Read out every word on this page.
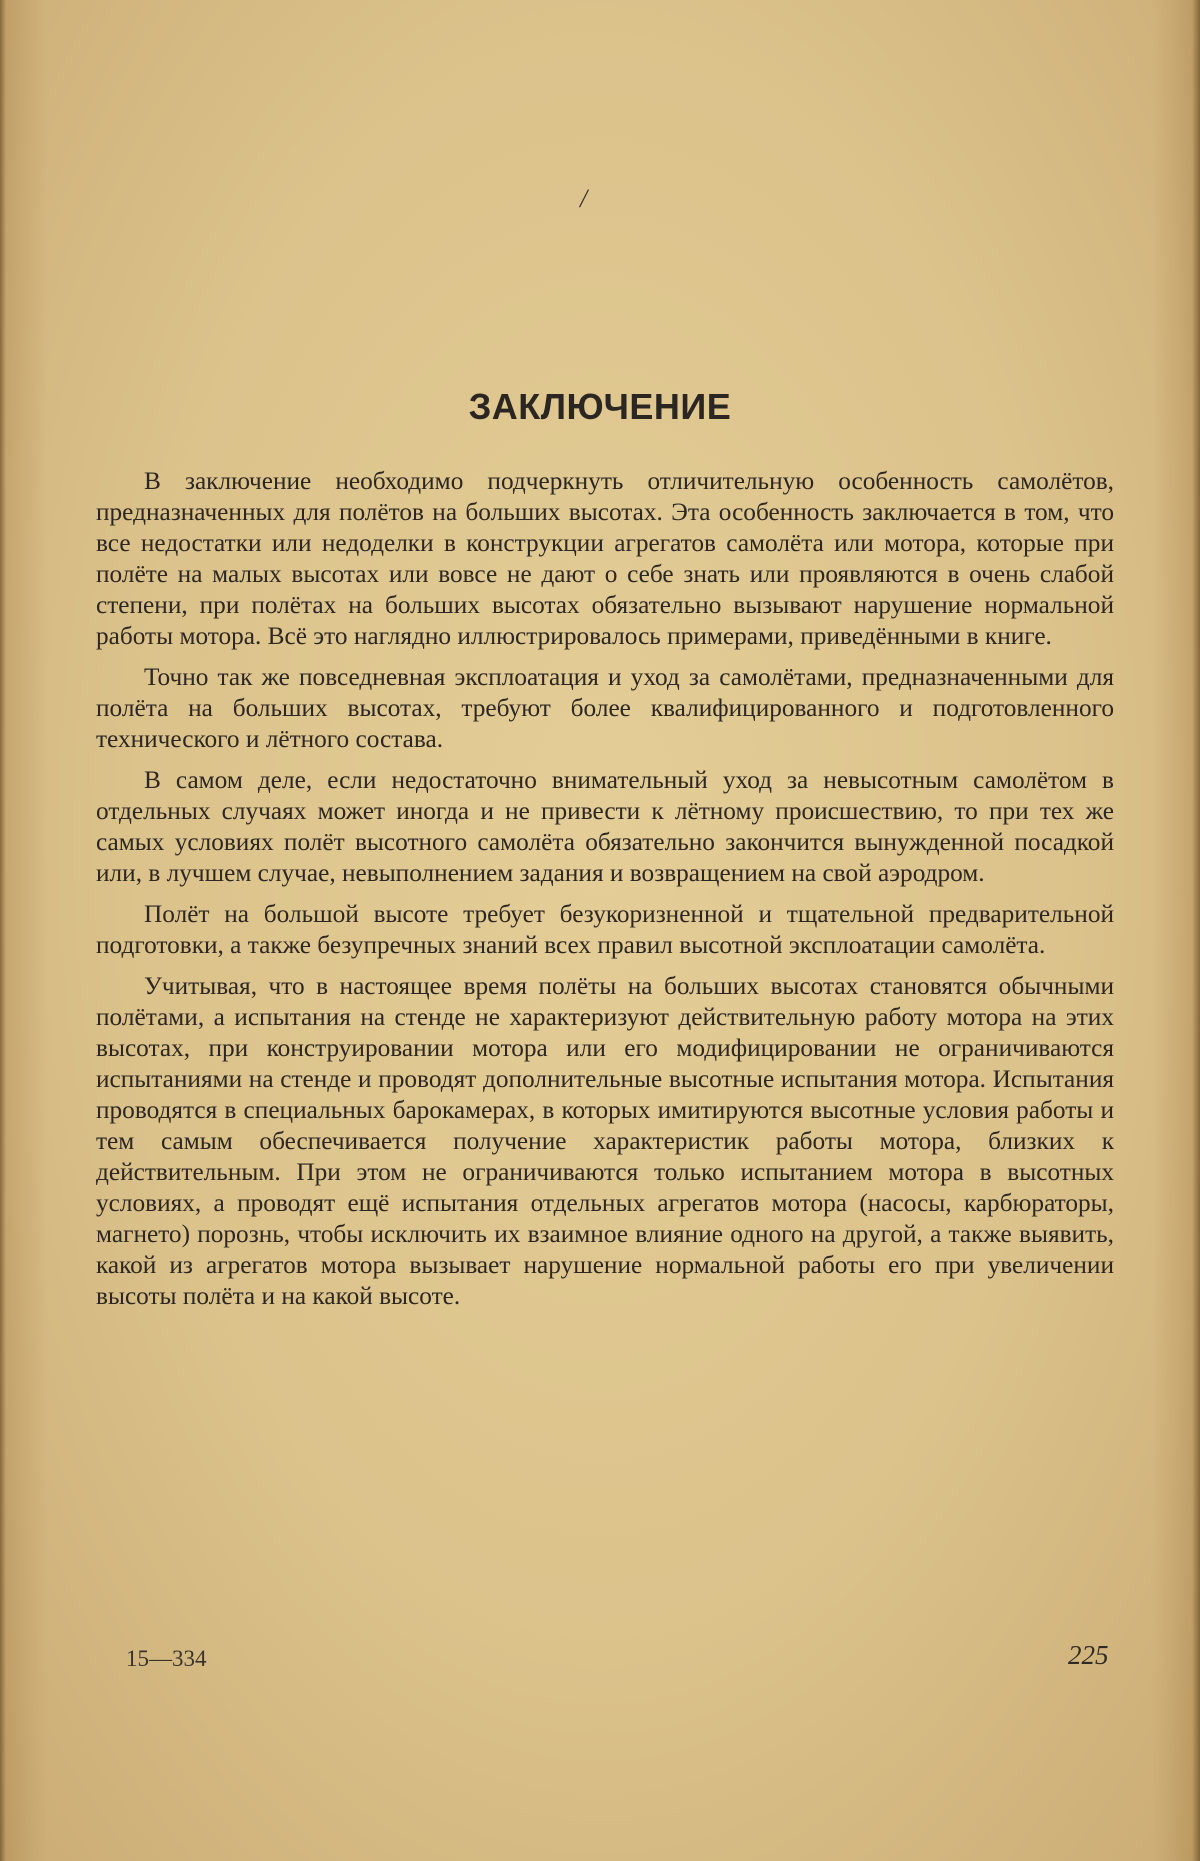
/
ЗАКЛЮЧЕНИЕ

В заключение необходимо подчеркнуть отличительную особенность самолётов, предназначенных для полётов на больших высотах. Эта особенность заключается в том, что все недостатки или недоделки в конструкции агрегатов самолёта или мотора, которые при полёте на малых высотах или вовсе не дают о себе знать или проявляются в очень слабой степени, при полётах на больших высотах обязательно вызывают нарушение нормальной работы мотора. Всё это наглядно иллюстрировалось примерами, приведёнными в книге.

Точно так же повседневная эксплоатация и уход за самолётами, предназначенными для полёта на больших высотах, требуют более квалифицированного и подготовленного технического и лётного состава.

В самом деле, если недостаточно внимательный уход за невысотным самолётом в отдельных случаях может иногда и не привести к лётному происшествию, то при тех же самых условиях полёт высотного самолёта обязательно закончится вынужденной посадкой или, в лучшем случае, невыполнением задания и возвращением на свой аэродром.

Полёт на большой высоте требует безукоризненной и тщательной предварительной подготовки, а также безупречных знаний всех правил высотной эксплоатации самолёта.

Учитывая, что в настоящее время полёты на больших высотах становятся обычными полётами, а испытания на стенде не характеризуют действительную работу мотора на этих высотах, при конструировании мотора или его модифицировании не ограничиваются испытаниями на стенде и проводят дополнительные высотные испытания мотора. Испытания проводятся в специальных барокамерах, в которых имитируются высотные условия работы и тем самым обеспечивается получение характеристик работы мотора, близких к действительным. При этом не ограничиваются только испытанием мотора в высотных условиях, а проводят ещё испытания отдельных агрегатов мотора (насосы, карбюраторы, магнето) порознь, чтобы исключить их взаимное влияние одного на другой, а также выявить, какой из агрегатов мотора вызывает нарушение нормальной работы его при увеличении высоты полёта и на какой высоте.

15—334	225
